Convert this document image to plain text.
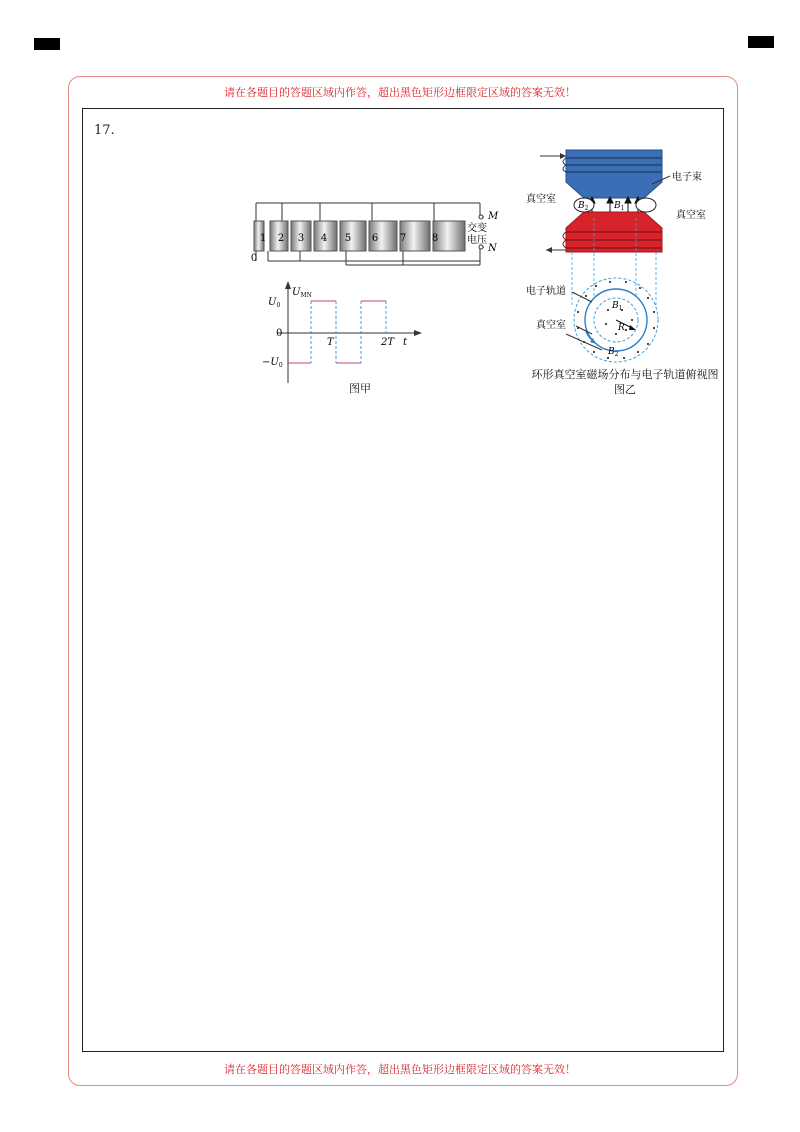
请在各题目的答题区域内作答，超出黑色矩形边框限定区域的答案无效！
请在各题目的答题区域内作答，超出黑色矩形边框限定区域的答案无效！
17.
1 2 3 4 5 6 7	8
0
交变
电压
M
N
$U_{MN}$
$U_0$
0
$-U_0$
T	2T t
图甲
$B_2$	$B_1$
电子束
真空室
真空室
$B_1$
R
$B_2$
电子轨道
真空室
环形真空室磁场分布与电子轨道俯视图
图乙
